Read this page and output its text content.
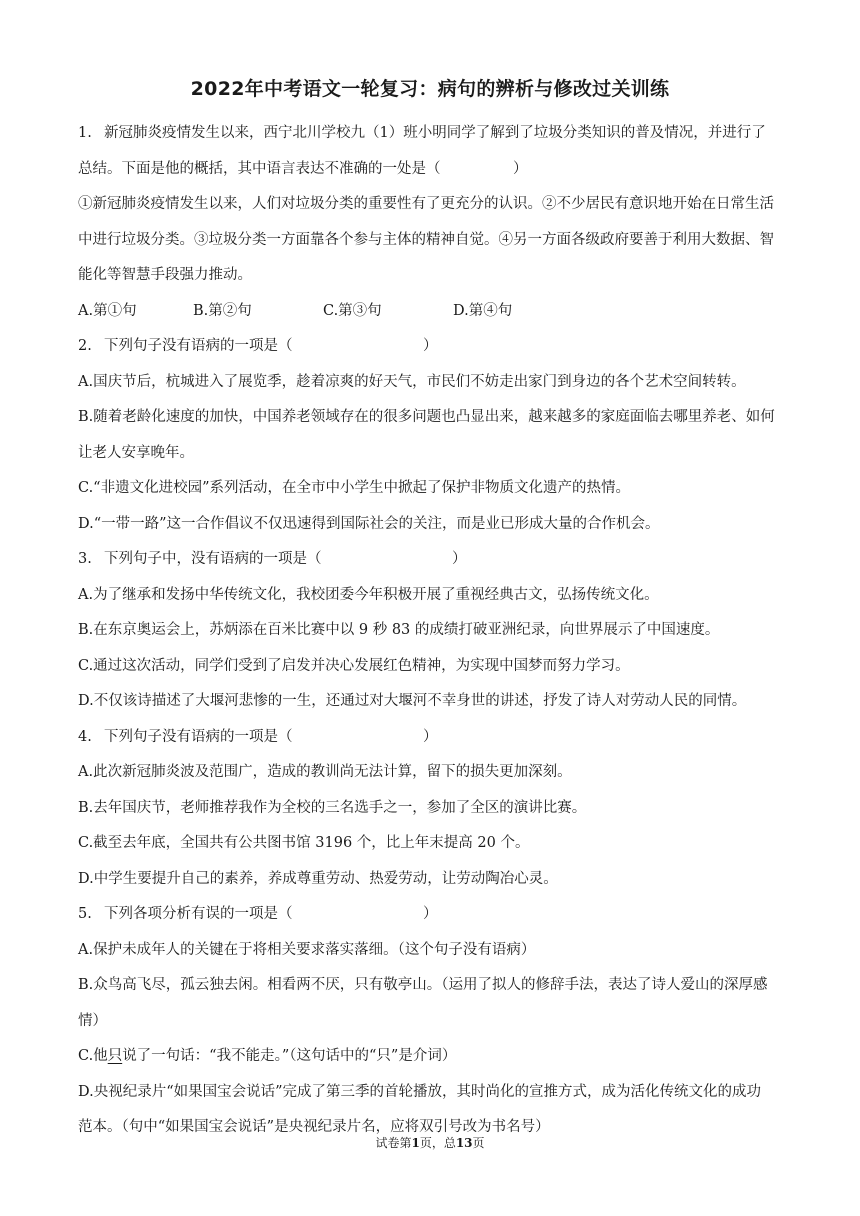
2022年中考语文一轮复习：病句的辨析与修改过关训练

1. 新冠肺炎疫情发生以来，西宁北川学校九（1）班小明同学了解到了垃圾分类知识的普及情况，并进行了

总结。下面是他的概括，其中语言表达不准确的一处是（　　　　　）

①新冠肺炎疫情发生以来，人们对垃圾分类的重要性有了更充分的认识。②不少居民有意识地开始在日常生活

中进行垃圾分类。③垃圾分类一方面靠各个参与主体的精神自觉。④另一方面各级政府要善于利用大数据、智

能化等智慧手段强力推动。

A.第①句	B.第②句	C.第③句	D.第④句

2. 下列句子没有语病的一项是（　　　　　　　　　）

A.国庆节后，杭城进入了展览季，趁着凉爽的好天气，市民们不妨走出家门到身边的各个艺术空间转转。

B.随着老龄化速度的加快，中国养老领域存在的很多问题也凸显出来，越来越多的家庭面临去哪里养老、如何

让老人安享晚年。

C.“非遗文化进校园”系列活动，在全市中小学生中掀起了保护非物质文化遗产的热情。

D.“一带一路”这一合作倡议不仅迅速得到国际社会的关注，而是业已形成大量的合作机会。

3. 下列句子中，没有语病的一项是（　　　　　　　　　）

A.为了继承和发扬中华传统文化，我校团委今年积极开展了重视经典古文，弘扬传统文化。

B.在东京奥运会上，苏炳添在百米比赛中以 9 秒 83 的成绩打破亚洲纪录，向世界展示了中国速度。

C.通过这次活动，同学们受到了启发并决心发展红色精神，为实现中国梦而努力学习。

D.不仅该诗描述了大堰河悲惨的一生，还通过对大堰河不幸身世的讲述，抒发了诗人对劳动人民的同情。

4. 下列句子没有语病的一项是（　　　　　　　　　）

A.此次新冠肺炎波及范围广，造成的教训尚无法计算，留下的损失更加深刻。

B.去年国庆节，老师推荐我作为全校的三名选手之一，参加了全区的演讲比赛。

C.截至去年底，全国共有公共图书馆 3196 个，比上年末提高 20 个。

D.中学生要提升自己的素养，养成尊重劳动、热爱劳动，让劳动陶冶心灵。

5. 下列各项分析有误的一项是（　　　　　　　　　）

A.保护未成年人的关键在于将相关要求落实落细。（这个句子没有语病）

B.众鸟高飞尽，孤云独去闲。相看两不厌，只有敬亭山。（运用了拟人的修辞手法，表达了诗人爱山的深厚感

情）

C.他只说了一句话：“我不能走。”（这句话中的“只”是介词）

D.央视纪录片“如果国宝会说话”完成了第三季的首轮播放，其时尚化的宣推方式，成为活化传统文化的成功

范本。（句中“如果国宝会说话”是央视纪录片名，应将双引号改为书名号）

试卷第1页，总13页
